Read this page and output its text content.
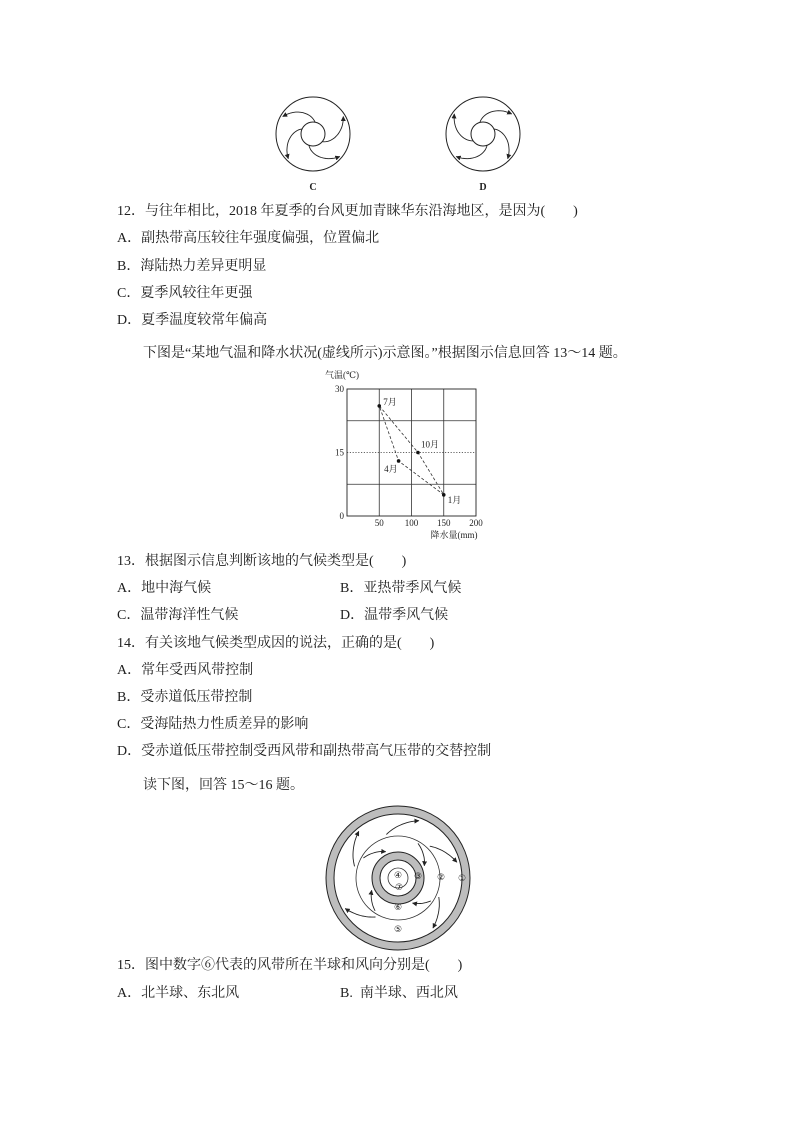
C	D
12．与往年相比，2018 年夏季的台风更加青睐华东沿海地区，是因为(　　)
A．副热带高压较往年强度偏强，位置偏北
B．海陆热力差异更明显
C．夏季风较往年更强
D．夏季温度较常年偏高
下图是“某地气温和降水状况(虚线所示)示意图。”根据图示信息回答 13～14 题。
气温(℃)
降水量(mm)
0
15
30
50 100 150 200
7月
10月
1月
4月
13．根据图示信息判断该地的气候类型是(　　)
A．地中海气候	B．亚热带季风气候
C．温带海洋性气候	D．温带季风气候
14．有关该地气候类型成因的说法，正确的是(　　)
A．常年受西风带控制
B．受赤道低压带控制
C．受海陆热力性质差异的影响
D．受赤道低压带控制受西风带和副热带高气压带的交替控制
读下图，回答 15～16 题。
①
②
③
④
⑤
⑥
⑦
15．图中数字⑥代表的风带所在半球和风向分别是(　　)
A．北半球、东北风	B.  南半球、西北风
